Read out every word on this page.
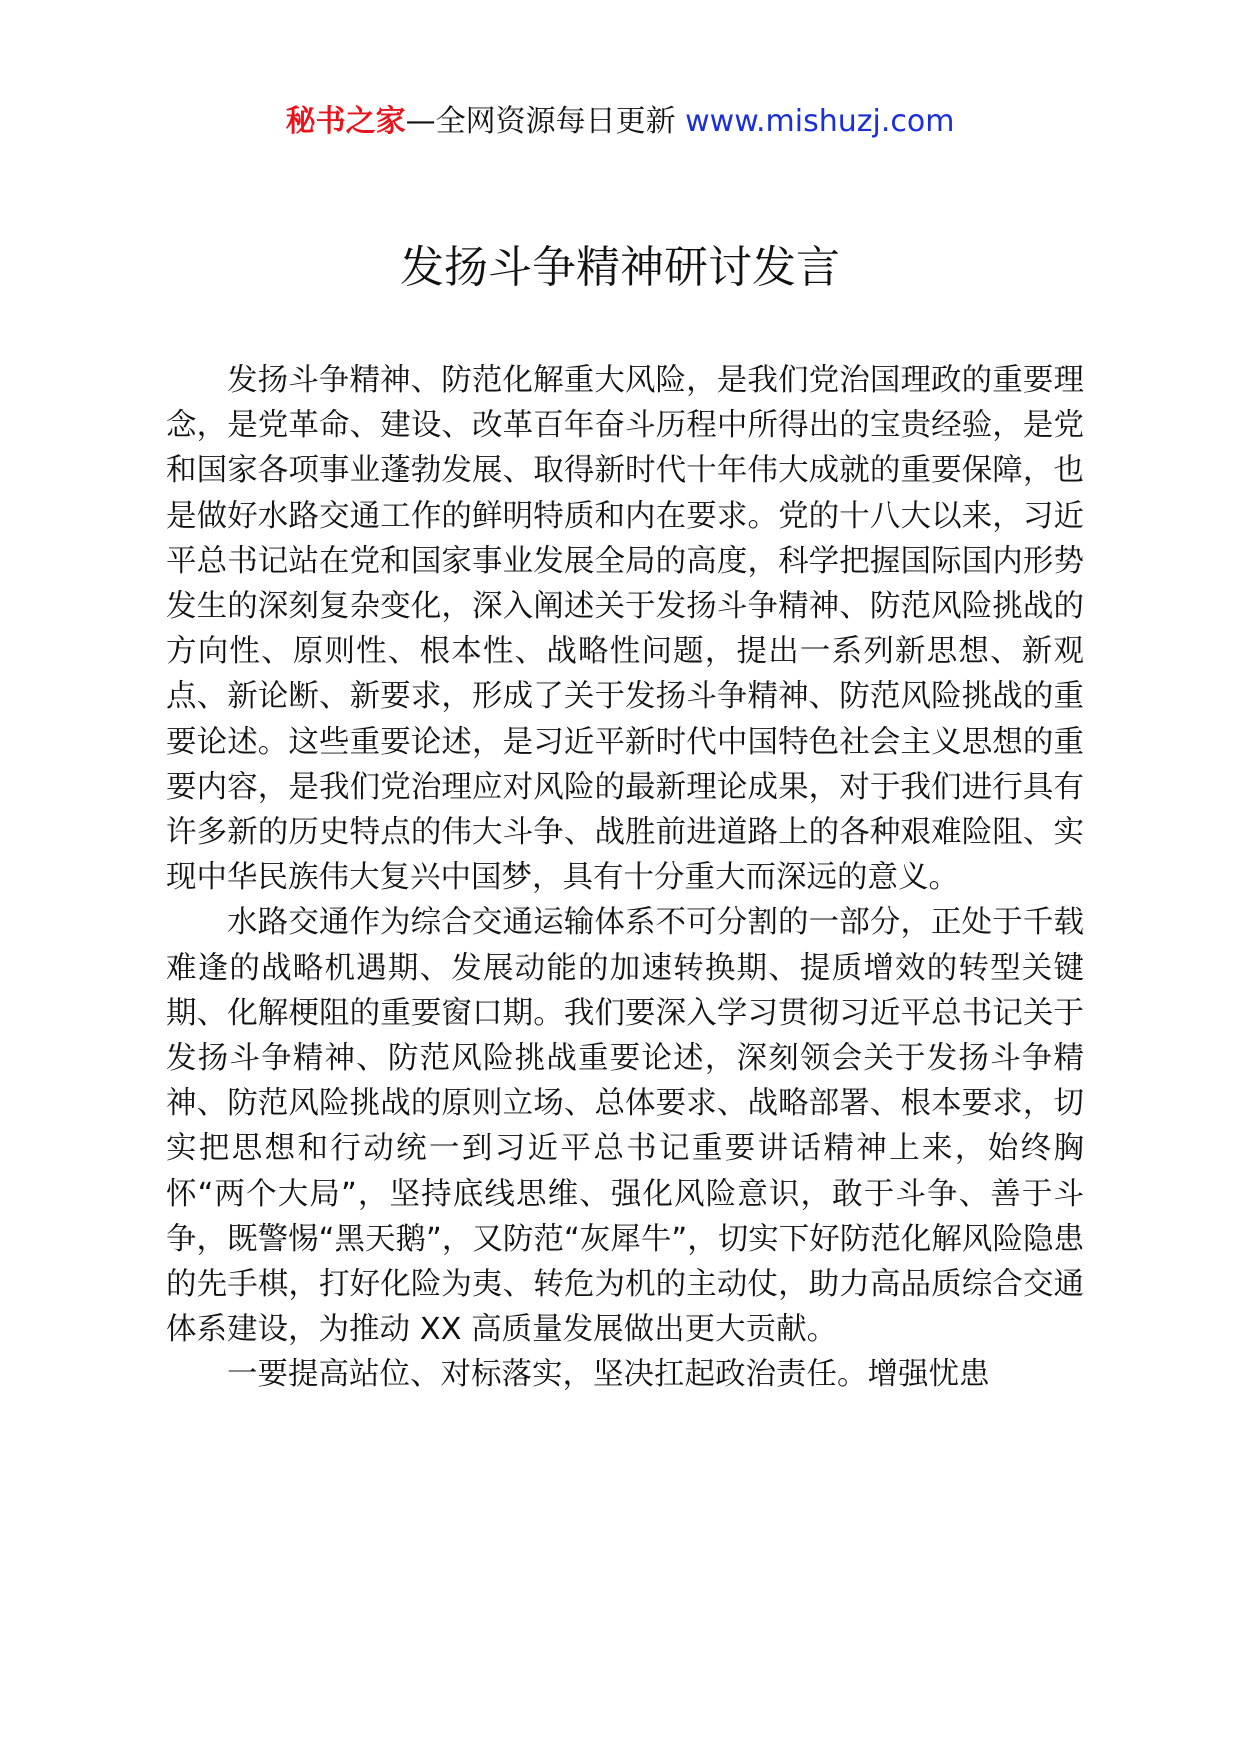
秘书之家—全网资源每日更新 www.mishuzj.com
发扬斗争精神研讨发言

发扬斗争精神、防范化解重大风险，是我们党治国理政的重要理念，是党革命、建设、改革百年奋斗历程中所得出的宝贵经验，是党和国家各项事业蓬勃发展、取得新时代十年伟大成就的重要保障，也是做好水路交通工作的鲜明特质和内在要求。党的十八大以来，习近平总书记站在党和国家事业发展全局的高度，科学把握国际国内形势发生的深刻复杂变化，深入阐述关于发扬斗争精神、防范风险挑战的方向性、原则性、根本性、战略性问题，提出一系列新思想、新观点、新论断、新要求，形成了关于发扬斗争精神、防范风险挑战的重要论述。这些重要论述，是习近平新时代中国特色社会主义思想的重要内容，是我们党治理应对风险的最新理论成果，对于我们进行具有许多新的历史特点的伟大斗争、战胜前进道路上的各种艰难险阻、实现中华民族伟大复兴中国梦，具有十分重大而深远的意义。

水路交通作为综合交通运输体系不可分割的一部分，正处于千载难逢的战略机遇期、发展动能的加速转换期、提质增效的转型关键期、化解梗阻的重要窗口期。我们要深入学习贯彻习近平总书记关于发扬斗争精神、防范风险挑战重要论述，深刻领会关于发扬斗争精神、防范风险挑战的原则立场、总体要求、战略部署、根本要求，切实把思想和行动统一到习近平总书记重要讲话精神上来，始终胸怀“两个大局”，坚持底线思维、强化风险意识，敢于斗争、善于斗争，既警惕“黑天鹅”，又防范“灰犀牛”，切实下好防范化解风险隐患的先手棋，打好化险为夷、转危为机的主动仗，助力高品质综合交通体系建设，为推动 XX 高质量发展做出更大贡献。

一要提高站位、对标落实，坚决扛起政治责任。增强忧患
